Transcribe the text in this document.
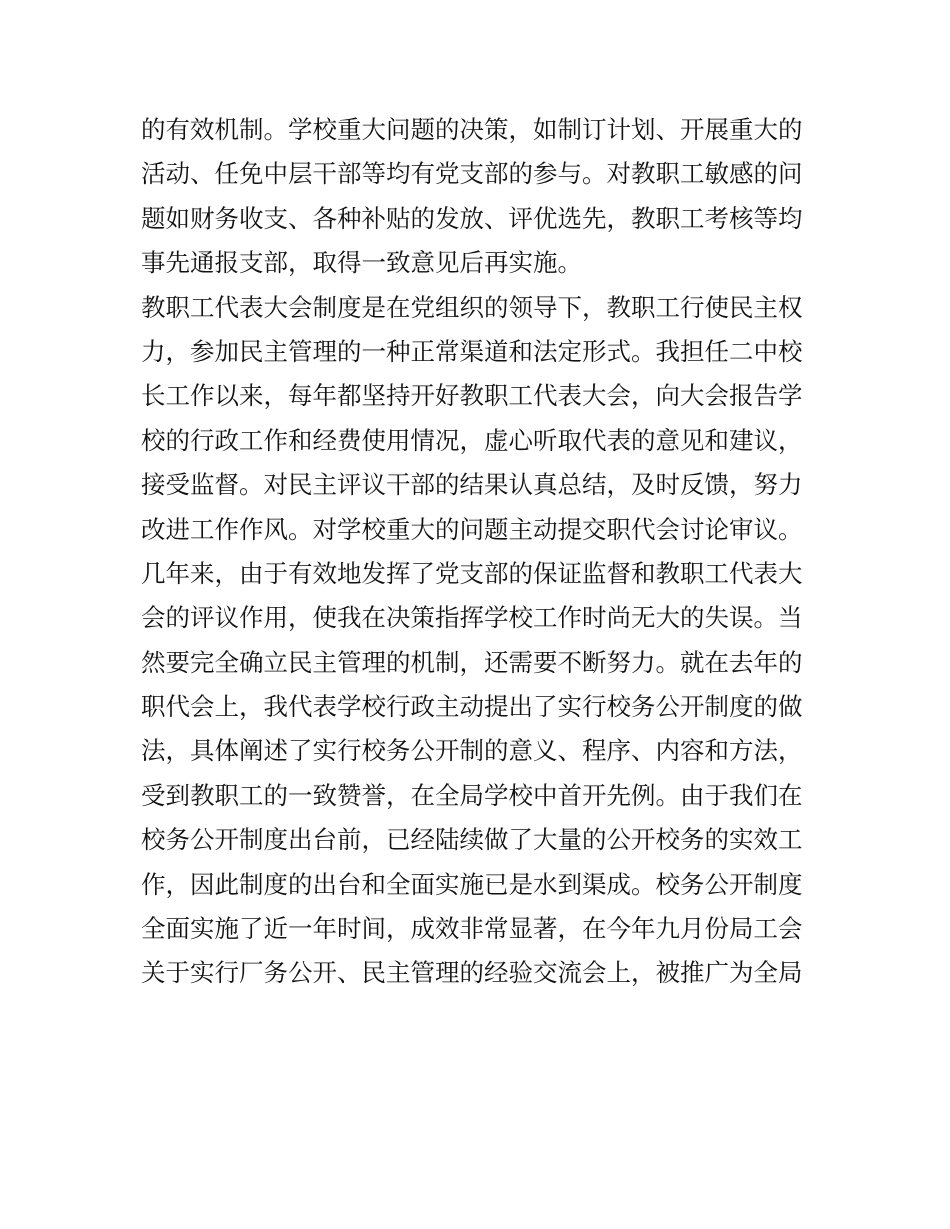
的有效机制。学校重大问题的决策，如制订计划、开展重大的
活动、任免中层干部等均有党支部的参与。对教职工敏感的问
题如财务收支、各种补贴的发放、评优选先，教职工考核等均
事先通报支部，取得一致意见后再实施。
教职工代表大会制度是在党组织的领导下，教职工行使民主权
力，参加民主管理的一种正常渠道和法定形式。我担任二中校
长工作以来，每年都坚持开好教职工代表大会，向大会报告学
校的行政工作和经费使用情况，虚心听取代表的意见和建议，
接受监督。对民主评议干部的结果认真总结，及时反馈，努力
改进工作作风。对学校重大的问题主动提交职代会讨论审议。
几年来，由于有效地发挥了党支部的保证监督和教职工代表大
会的评议作用，使我在决策指挥学校工作时尚无大的失误。当
然要完全确立民主管理的机制，还需要不断努力。就在去年的
职代会上，我代表学校行政主动提出了实行校务公开制度的做
法，具体阐述了实行校务公开制的意义、程序、内容和方法，
受到教职工的一致赞誉，在全局学校中首开先例。由于我们在
校务公开制度出台前，已经陆续做了大量的公开校务的实效工
作，因此制度的出台和全面实施已是水到渠成。校务公开制度
全面实施了近一年时间，成效非常显著，在今年九月份局工会
关于实行厂务公开、民主管理的经验交流会上，被推广为全局
